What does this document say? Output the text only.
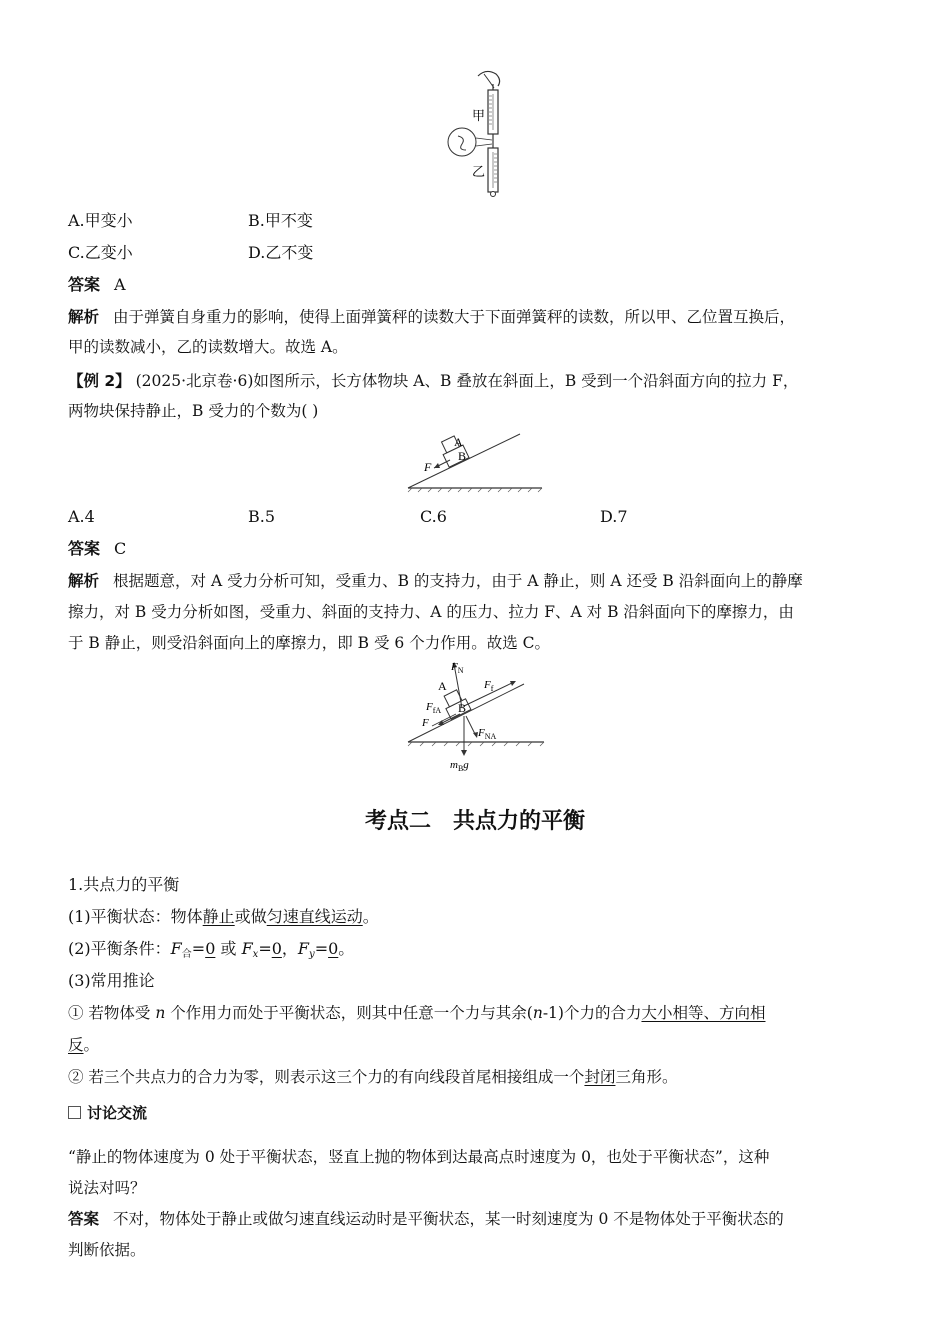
甲
乙
A.甲变小	B.甲不变
C.乙变小	D.乙不变
答案 A
解析 由于弹簧自身重力的影响，使得上面弹簧秤的读数大于下面弹簧秤的读数，所以甲、乙位置互换后，
甲的读数减小，乙的读数增大。故选 A。
【例 2】 (2025·北京卷·6)如图所示，长方体物块 A、B 叠放在斜面上，B 受到一个沿斜面方向的拉力 F，
两物块保持静止，B 受力的个数为( )
A
B
F
A.4	B.5	C.6	D.7
答案 C
解析 根据题意，对 A 受力分析可知，受重力、B 的支持力，由于 A 静止，则 A 还受 B 沿斜面向上的静摩
擦力，对 B 受力分析如图，受重力、斜面的支持力、A 的压力、拉力 F、A 对 B 沿斜面向下的摩擦力，由
于 B 静止，则受沿斜面向上的摩擦力，即 B 受 6 个力作用。故选 C。
$F_N$
$F_f$
$F_{fA}$
F
$F_{NA}$
$m_Bg$
A
B
考点二　共点力的平衡
1.共点力的平衡
(1)平衡状态：物体静止或做匀速直线运动。
(2)平衡条件：$F_合=0$ 或 $F_x=0$，$F_y=0$。
(3)常用推论
① 若物体受 n 个作用力而处于平衡状态，则其中任意一个力与其余(n-1)个力的合力大小相等、方向相
反。
② 若三个共点力的合力为零，则表示这三个力的有向线段首尾相接组成一个封闭三角形。
讨论交流
“静止的物体速度为 0 处于平衡状态，竖直上抛的物体到达最高点时速度为 0，也处于平衡状态”，这种
说法对吗？
答案 不对，物体处于静止或做匀速直线运动时是平衡状态，某一时刻速度为 0 不是物体处于平衡状态的
判断依据。
